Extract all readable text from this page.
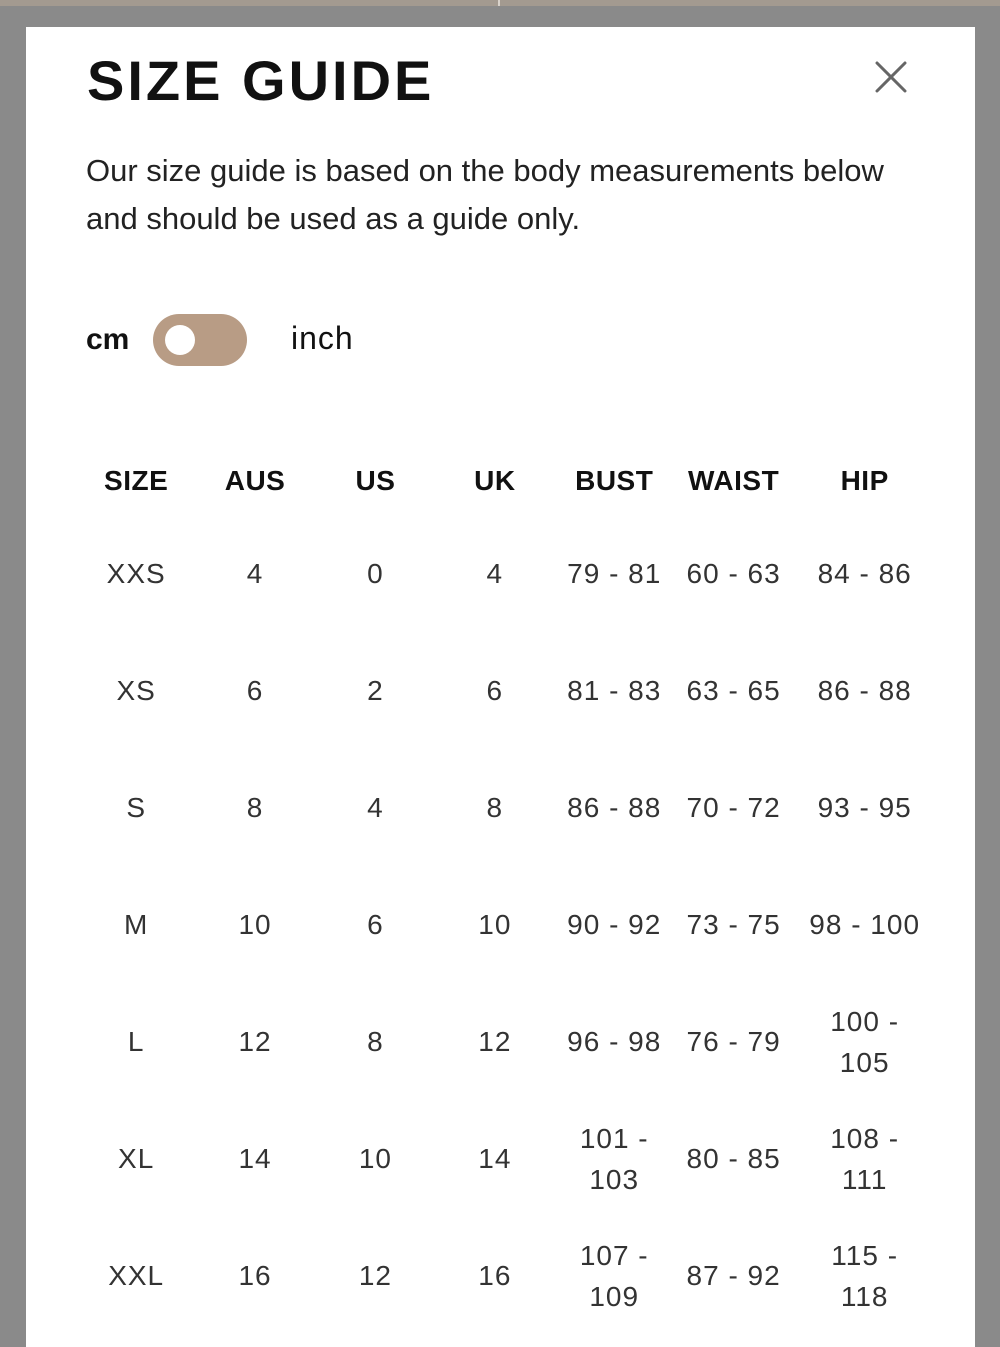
SIZE GUIDE
Our size guide is based on the body measurements below and should be used as a guide only.
cm	inch
SIZE	AUS	US	UK	BUST	WAIST	HIP
XXS	4	0	4	79 - 81	60 - 63	84 - 86
XS	6	2	6	81 - 83	63 - 65	86 - 88
S	8	4	8	86 - 88	70 - 72	93 - 95
M	10	6	10	90 - 92	73 - 75	98 - 100
L	12	8	12	96 - 98	76 - 79	100 - 105
XL	14	10	14	101 - 103	80 - 85	108 - 111
XXL	16	12	16	107 - 109	87 - 92	115 - 118
